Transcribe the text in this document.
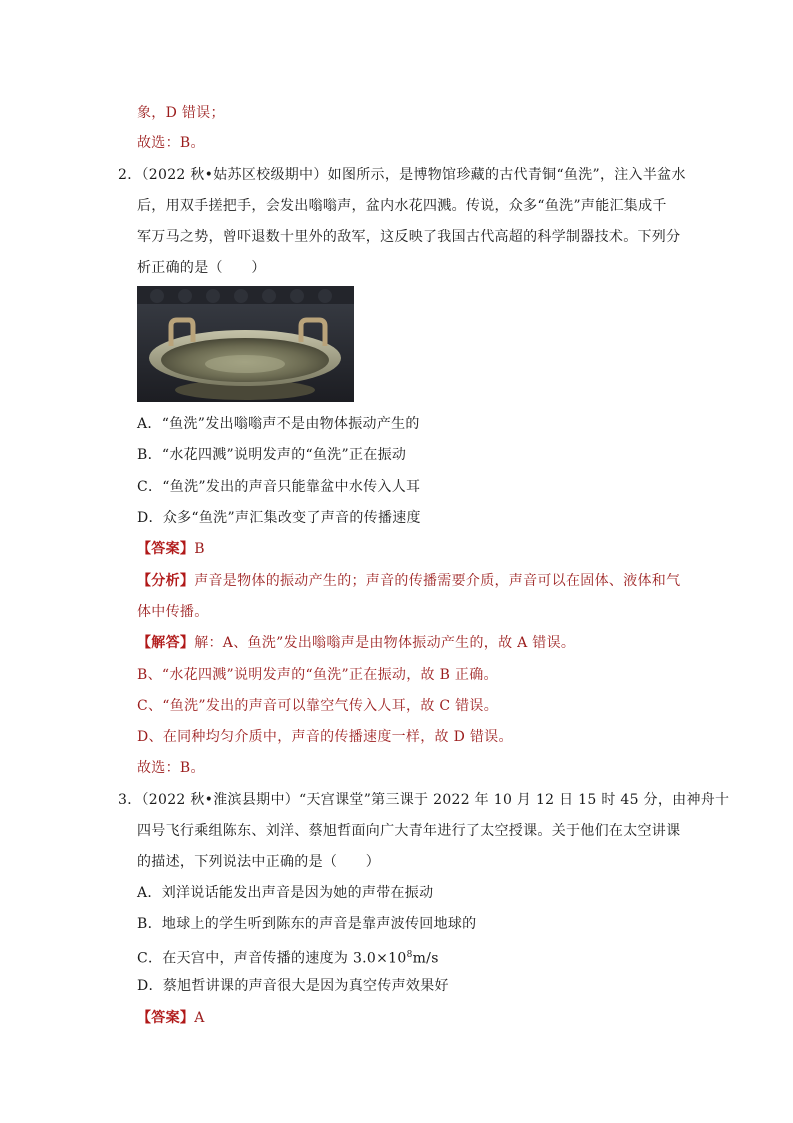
象，D 错误；
故选：B。
2．（2022 秋•姑苏区校级期中）如图所示，是博物馆珍藏的古代青铜“鱼洗”，注入半盆水
后，用双手搓把手，会发出嗡嗡声，盆内水花四溅。传说，众多“鱼洗”声能汇集成千
军万马之势，曾吓退数十里外的敌军，这反映了我国古代高超的科学制器技术。下列分
析正确的是（　　）
A．“鱼洗”发出嗡嗡声不是由物体振动产生的
B．“水花四溅”说明发声的“鱼洗”正在振动
C．“鱼洗”发出的声音只能靠盆中水传入人耳
D．众多“鱼洗”声汇集改变了声音的传播速度
【答案】B
【分析】声音是物体的振动产生的；声音的传播需要介质，声音可以在固体、液体和气
体中传播。
【解答】解：A、鱼洗”发出嗡嗡声是由物体振动产生的，故 A 错误。
B、“水花四溅”说明发声的“鱼洗”正在振动，故 B 正确。
C、“鱼洗”发出的声音可以靠空气传入人耳，故 C 错误。
D、在同种均匀介质中，声音的传播速度一样，故 D 错误。
故选：B。
3．（2022 秋•淮滨县期中）“天宫课堂”第三课于 2022 年 10 月 12 日 15 时 45 分，由神舟十
四号飞行乘组陈东、刘洋、蔡旭哲面向广大青年进行了太空授课。关于他们在太空讲课
的描述，下列说法中正确的是（　　）
A．刘洋说话能发出声音是因为她的声带在振动
B．地球上的学生听到陈东的声音是靠声波传回地球的
C．在天宫中，声音传播的速度为 $3.0\times 10^8m/s$
D．蔡旭哲讲课的声音很大是因为真空传声效果好
【答案】A
